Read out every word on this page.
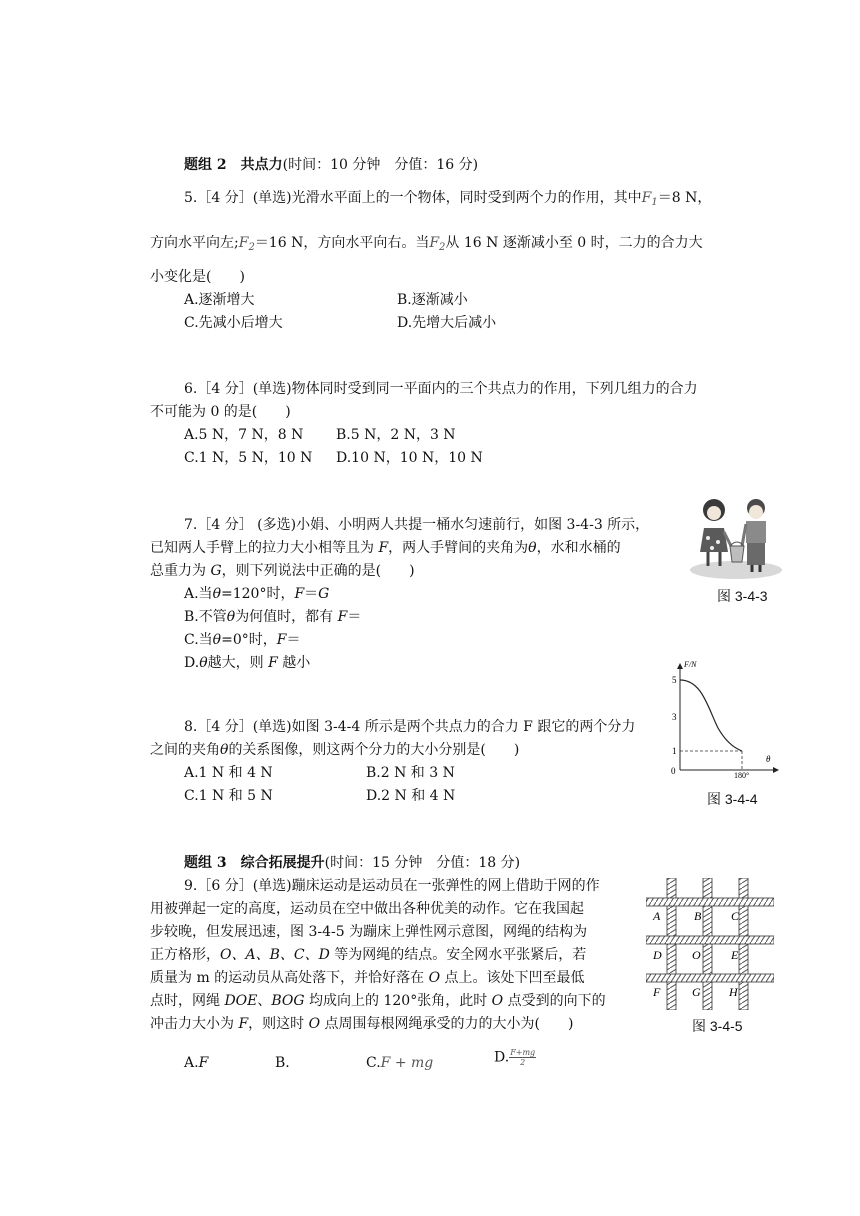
题组 2　共点力(时间：10 分钟　分值：16 分)
5.［4 分］(单选)光滑水平面上的一个物体，同时受到两个力的作用，其中$F_1=8$ N，
方向水平向左$;F_2=16$ N，方向水平向右。当$F_2$从 16 N 逐渐减小至 0 时，二力的合力大
小变化是(　　)
A.逐渐增大	B.逐渐减小
C.先减小后增大	D.先增大后减小
6.［4 分］(单选)物体同时受到同一平面内的三个共点力的作用，下列几组力的合力
不可能为 0 的是(　　)
A.5 N，7 N，8 N B.5 N，2 N，3 N
C.1 N，5 N，10 N D.10 N，10 N，10 N
7.［4 分］ (多选)小娟、小明两人共提一桶水匀速前行，如图 3-4-3 所示，
已知两人手臂上的拉力大小相等且为 F，两人手臂间的夹角为θ，水和水桶的
总重力为 G，则下列说法中正确的是(　　)
A.当θ=120°时，F＝G
B.不管θ为何值时，都有 F＝
C.当θ=0°时，F＝
D.θ越大，则 F 越小
图 3-4-3
F/N
θ
0
5
3
1
180°
图 3-4-4
8.［4 分］(单选)如图 3-4-4 所示是两个共点力的合力 F 跟它的两个分力
之间的夹角θ的关系图像，则这两个分力的大小分别是(　　)
A.1 N 和 4 N	B.2 N 和 3 N
C.1 N 和 5 N	D.2 N 和 4 N
题组 3　综合拓展提升(时间：15 分钟　分值：18 分)
9.［6 分］(单选)蹦床运动是运动员在一张弹性的网上借助于网的作
用被弹起一定的高度，运动员在空中做出各种优美的动作。它在我国起
步较晚，但发展迅速，图 3-4-5 为蹦床上弹性网示意图，网绳的结构为
正方格形，O、A、B、C、D 等为网绳的结点。安全网水平张紧后，若
质量为 m 的运动员从高处落下，并恰好落在 O 点上。该处下凹至最低
点时，网绳 DOE、BOG 均成向上的 120°张角，此时 O 点受到的向下的
冲击力大小为 F，则这时 O 点周围每根网绳承受的力的大小为(　　)
A.F	B.	C.F + mg	D. $\frac{F+mg}{2}$
A	B C
D	O	E
F	G H
图 3-4-5
